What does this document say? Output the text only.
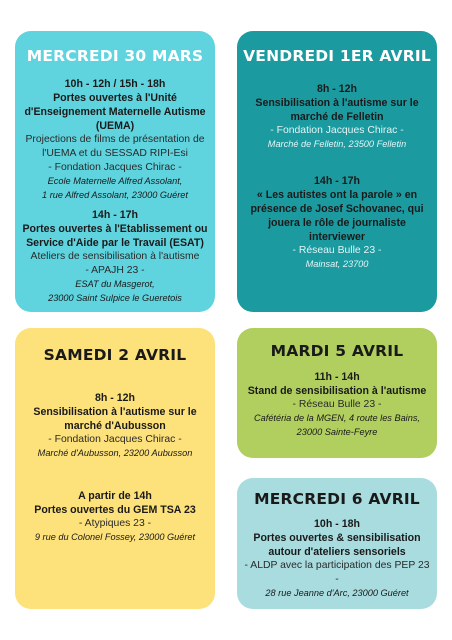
MERCREDI 30 MARS
10h - 12h / 15h - 18h
Portes ouvertes à l'Unité
d'Enseignement Maternelle Autisme
(UEMA)
Projections de films de présentation de
l'UEMA et du SESSAD RIPI-Esi
- Fondation Jacques Chirac -
Ecole Maternelle Alfred Assolant,
1 rue Alfred Assolant, 23000 Guéret
14h - 17h
Portes ouvertes à l'Etablissement ou
Service d'Aide par le Travail (ESAT)
Ateliers de sensibilisation à l'autisme
- APAJH 23 -
ESAT du Masgerot,
23000 Saint Sulpice le Gueretois
VENDREDI 1ER AVRIL
8h - 12h
Sensibilisation à l'autisme sur le
marché de Felletin
- Fondation Jacques Chirac -
Marché de Felletin, 23500 Felletin
14h - 17h
« Les autistes ont la parole » en
présence de Josef Schovanec, qui
jouera le rôle de journaliste
interviewer
- Réseau Bulle 23 -
Mainsat, 23700
SAMEDI 2 AVRIL
8h - 12h
Sensibilisation à l'autisme sur le
marché d'Aubusson
- Fondation Jacques Chirac -
Marché d'Aubusson, 23200 Aubusson
A partir de 14h
Portes ouvertes du GEM TSA 23
- Atypiques 23 -
9 rue du Colonel Fossey, 23000 Guéret
MARDI 5 AVRIL
11h - 14h
Stand de sensibilisation à l'autisme
- Réseau Bulle 23 -
Cafétéria de la MGEN, 4 route les Bains,
23000 Sainte-Feyre
MERCREDI 6 AVRIL
10h - 18h
Portes ouvertes & sensibilisation
autour d'ateliers sensoriels
- ALDP avec la participation des PEP 23 -
28 rue Jeanne d'Arc, 23000 Guéret
